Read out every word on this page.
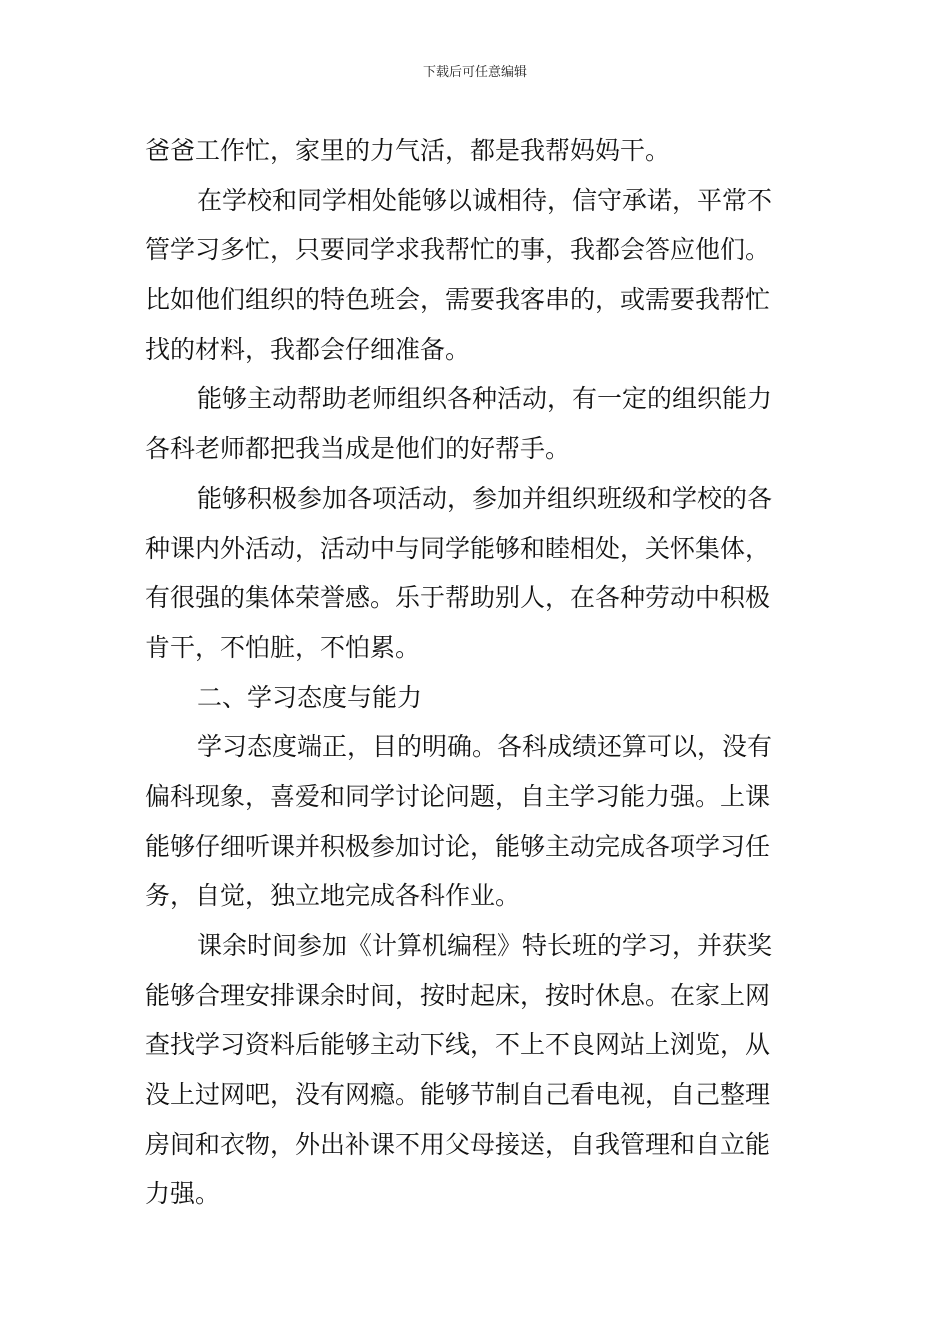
下载后可任意编辑
爸爸工作忙，家里的力气活，都是我帮妈妈干。
在学校和同学相处能够以诚相待，信守承诺，平常不
管学习多忙，只要同学求我帮忙的事，我都会答应他们。
比如他们组织的特色班会，需要我客串的，或需要我帮忙
找的材料，我都会仔细准备。
能够主动帮助老师组织各种活动，有一定的组织能力
各科老师都把我当成是他们的好帮手。
能够积极参加各项活动，参加并组织班级和学校的各
种课内外活动，活动中与同学能够和睦相处，关怀集体，
有很强的集体荣誉感。乐于帮助别人，在各种劳动中积极
肯干，不怕脏，不怕累。
二、学习态度与能力
学习态度端正，目的明确。各科成绩还算可以，没有
偏科现象，喜爱和同学讨论问题，自主学习能力强。上课
能够仔细听课并积极参加讨论，能够主动完成各项学习任
务，自觉，独立地完成各科作业。
课余时间参加《计算机编程》特长班的学习，并获奖
能够合理安排课余时间，按时起床，按时休息。在家上网
查找学习资料后能够主动下线，不上不良网站上浏览，从
没上过网吧，没有网瘾。能够节制自己看电视，自己整理
房间和衣物，外出补课不用父母接送，自我管理和自立能
力强。
